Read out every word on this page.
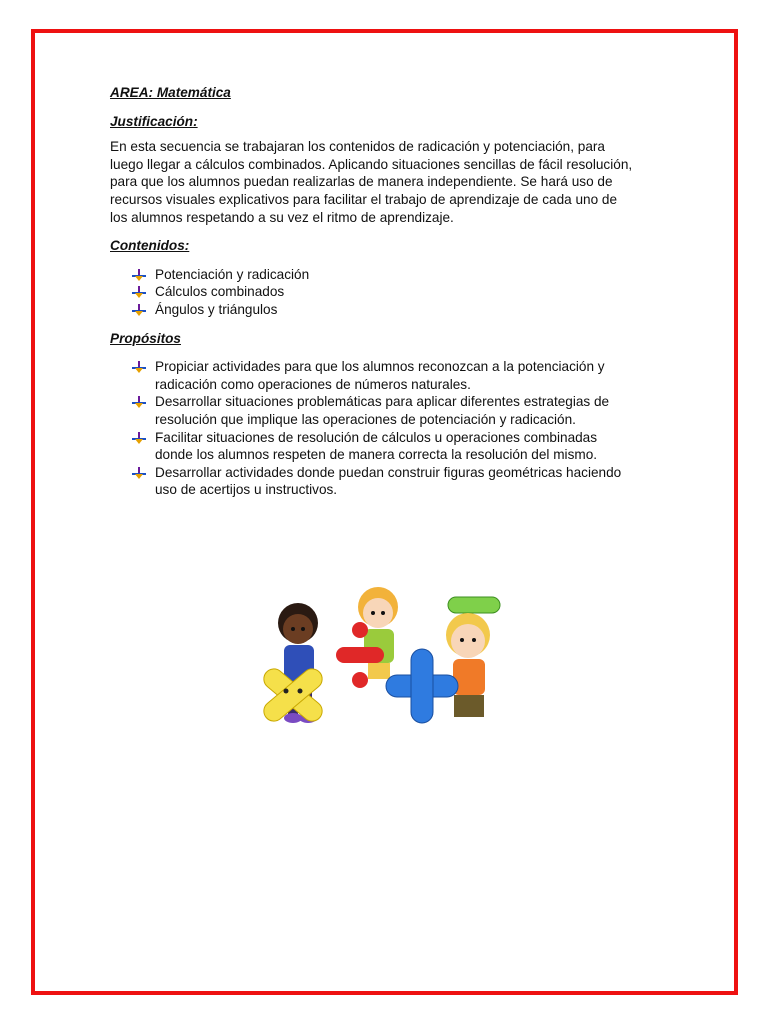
AREA: Matemática

Justificación:

En esta secuencia se trabajaran los contenidos de radicación y potenciación, para
luego llegar a cálculos combinados. Aplicando situaciones sencillas de fácil resolución,
para que los alumnos puedan realizarlas de manera independiente. Se hará uso de
recursos visuales explicativos para facilitar el trabajo de aprendizaje de cada uno de
los alumnos respetando a su vez el ritmo de aprendizaje.

Contenidos:

Potenciación y radicación
Cálculos combinados
Ángulos y triángulos

Propósitos

Propiciar actividades para que los alumnos reconozcan a la potenciación y
radicación como operaciones de números naturales.
Desarrollar situaciones problemáticas para aplicar diferentes estrategias de
resolución que implique las operaciones de potenciación y radicación.
Facilitar situaciones de resolución de cálculos u operaciones combinadas
donde los alumnos respeten de manera correcta la resolución del mismo.
Desarrollar actividades donde puedan construir figuras geométricas haciendo
uso de acertijos u instructivos.
